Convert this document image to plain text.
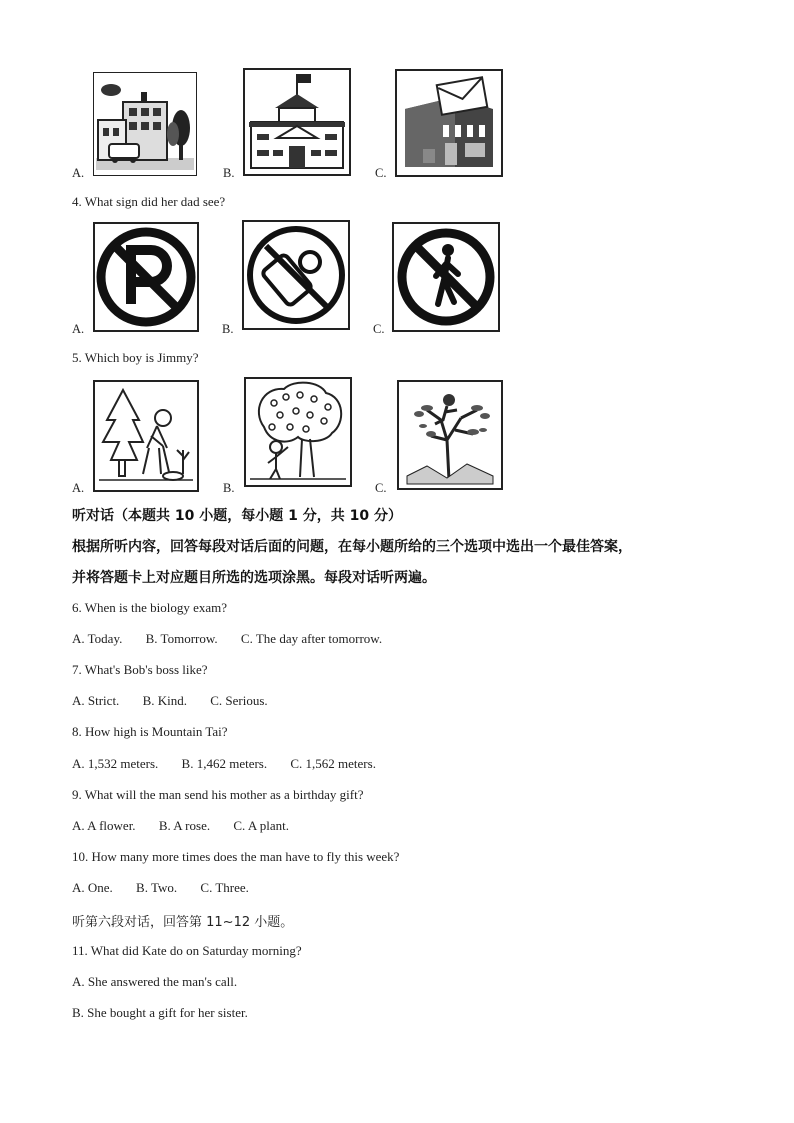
A.	B.	C.
4. What sign did her dad see?
A.	B.	C.
5. Which boy is Jimmy?
A.	B.	C.
听对话（本题共 10 小题，每小题 1 分，共 10 分）
根据所听内容，回答每段对话后面的问题，在每小题所给的三个选项中选出一个最佳答案，
并将答题卡上对应题目所选的选项涂黑。每段对话听两遍。
6. When is the biology exam?
A. Today. B. Tomorrow. C. The day after tomorrow.
7. What's Bob's boss like?
A. Strict. B. Kind. C. Serious.
8. How high is Mountain Tai?
A. 1,532 meters. B. 1,462 meters. C. 1,562 meters.
9. What will the man send his mother as a birthday gift?
A. A flower. B. A rose. C. A plant.
10. How many more times does the man have to fly this week?
A. One. B. Two. C. Three.
听第六段对话，回答第 11~12 小题。
11. What did Kate do on Saturday morning?
A. She answered the man's call.
B. She bought a gift for her sister.
